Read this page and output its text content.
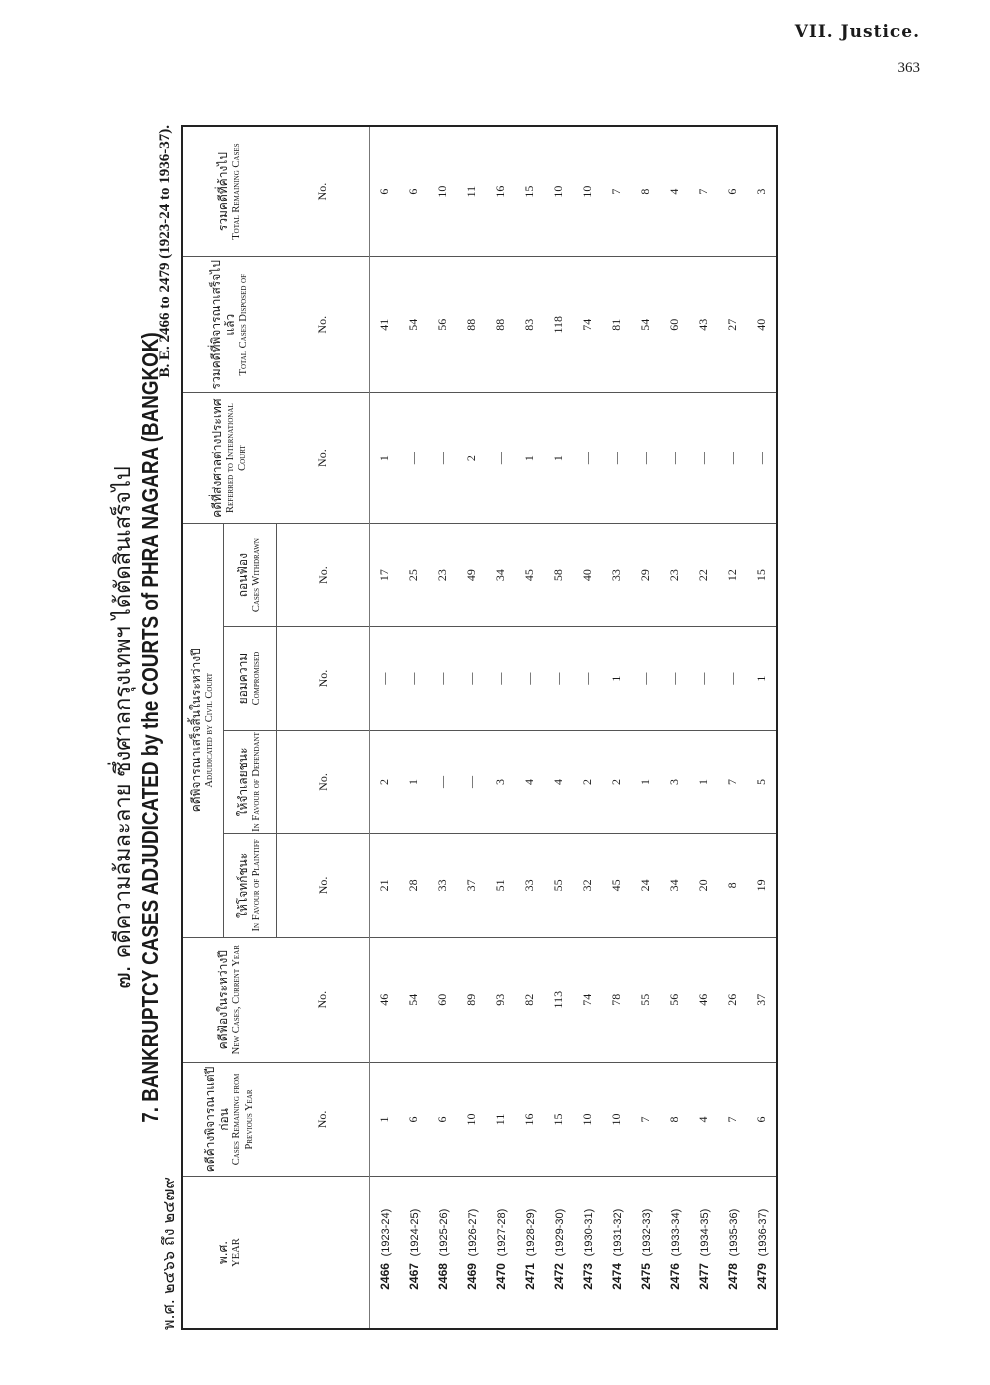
VII. Justice.
363
๗. คดีความล้มละลาย ซึ่งศาลกรุงเทพฯ ได้ตัดสินเสร็จไป 7. BANKRUPTCY CASES ADJUDICATED by the COURTS of PHRA NAGARA (BANGKOK)
พ.ศ. ๒๔๖๖ ถึง ๒๔๗๙
B. E. 2466 to 2479 (1923-24 to 1936-37).
พ.ศ. YEAR	คดีค้างพิจารณาแต่ปีก่อน Cases Remaining from Previous Year	คดีฟ้องในระหว่างปี New Cases, Current Year	คดีพิจารณาเสร็จสิ้นในระหว่างปี Adjudicated by Civil Court				คดีที่ส่งศาลต่างประเทศ Referred to International Court	รวมคดีที่พิจารณาเสร็จไปแล้ว Total Cases Disposed of	รวมคดีที่ค้างไป Total Remaining Cases

			ให้โจทก์ชนะ In Favour of Plaintiff	ให้จำเลยชนะ In Favour of Defendant	ยอมความ Compromised	ถอนฟ้อง Cases Withdrawn			

	No.	No.	No.	No.	No.	No.	No.	No.	No.
2466(1923-24)	1	46	21	2	—	17	1	41	6
2467(1924-25)	6	54	28	1	—	25	—	54	6
2468(1925-26)	6	60	33	—	—	23	—	56	10
2469(1926-27)	10	89	37	—	—	49	2	88	11
2470(1927-28)	11	93	51	3	—	34	—	88	16
2471(1928-29)	16	82	33	4	—	45	1	83	15
2472(1929-30)	15	113	55	4	—	58	1	118	10
2473(1930-31)	10	74	32	2	—	40	—	74	10
2474(1931-32)	10	78	45	2	1	33	—	81	7
2475(1932-33)	7	55	24	1	—	29	—	54	8
2476(1933-34)	8	56	34	3	—	23	—	60	4
2477(1934-35)	4	46	20	1	—	22	—	43	7
2478(1935-36)	7	26	8	7	—	12	—	27	6
2479(1936-37)	6	37	19	5	1	15	—	40	3
